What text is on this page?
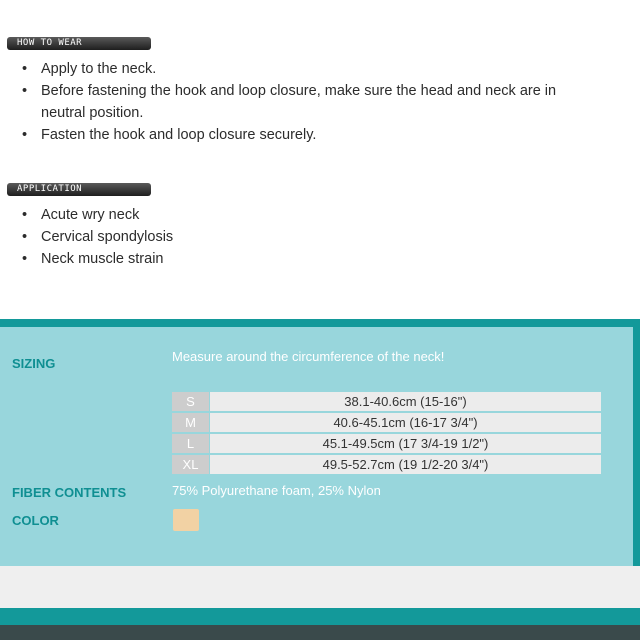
HOW TO WEAR
• Apply to the neck.
• Before fastening the hook and loop closure, make sure the head and neck are in neutral position.
• Fasten the hook and loop closure securely.
APPLICATION
• Acute wry neck
• Cervical spondylosis
• Neck muscle strain
SIZING	Measure around the circumference of the neck!
S	38.1-40.6cm (15-16")
M	40.6-45.1cm (16-17 3/4")
L	45.1-49.5cm (17 3/4-19 1/2")
XL	49.5-52.7cm (19 1/2-20 3/4")
FIBER CONTENTS	75% Polyurethane foam, 25% Nylon
COLOR
